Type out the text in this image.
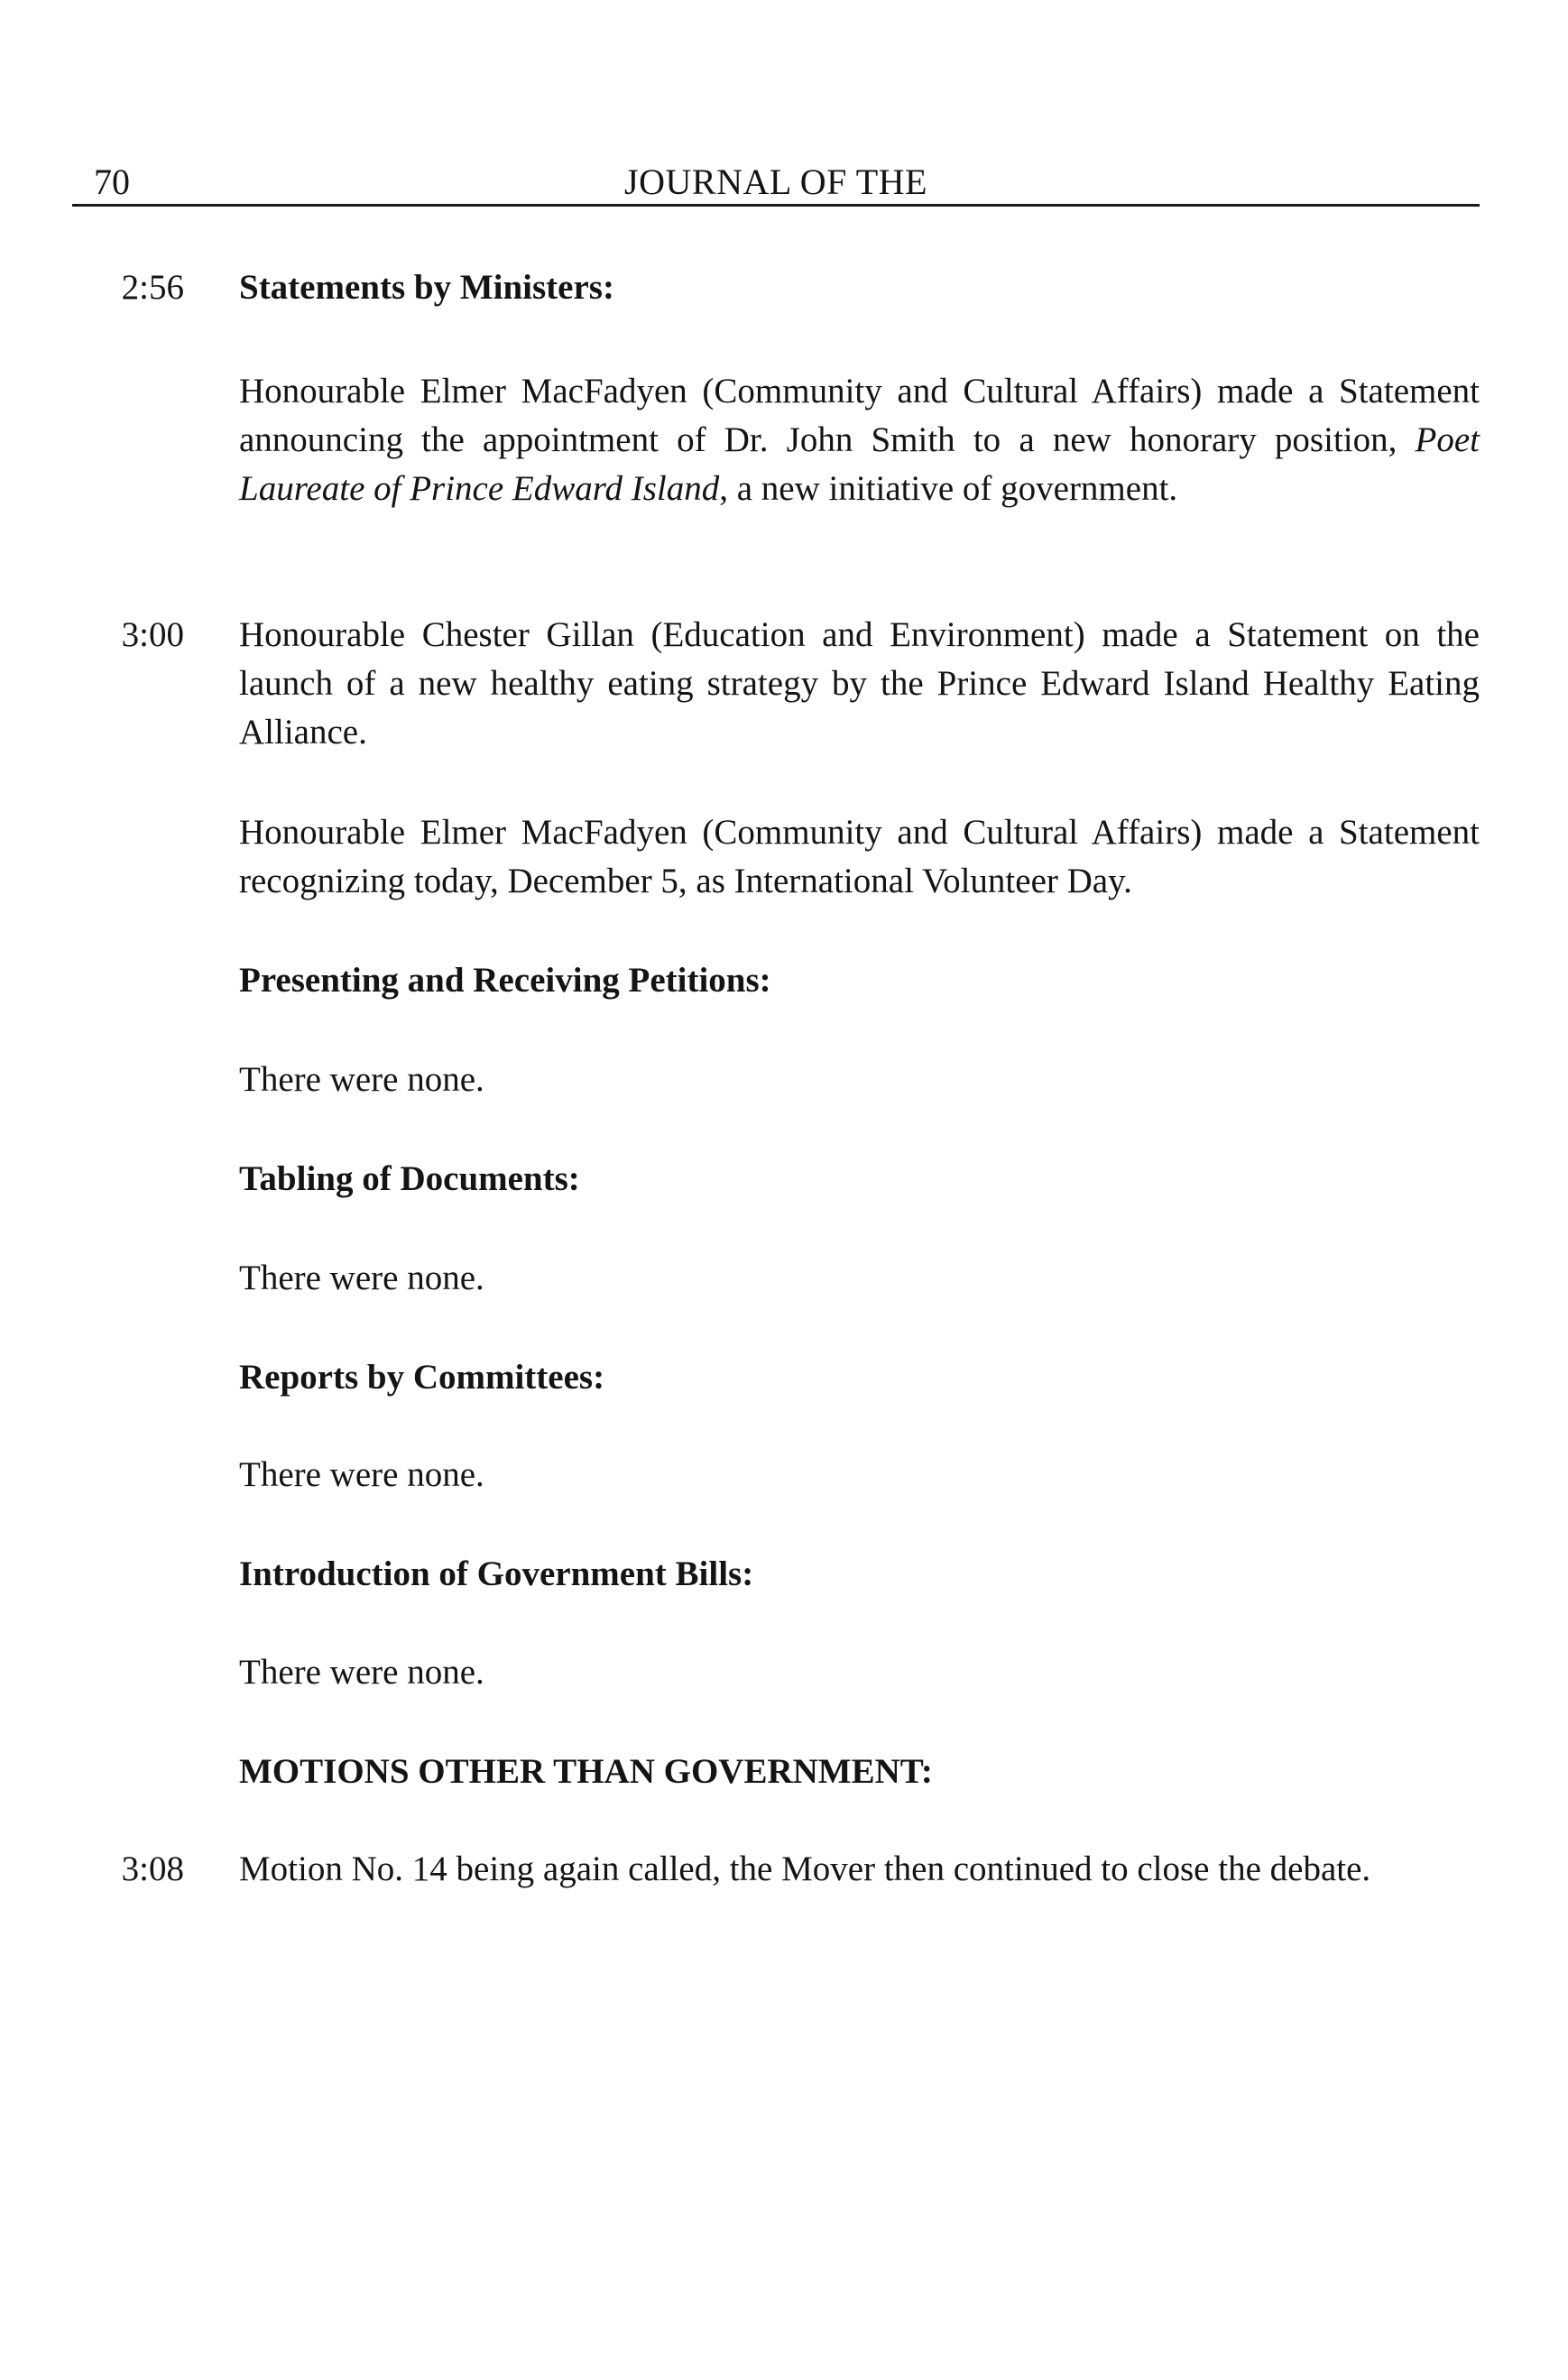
70	JOURNAL OF THE
2:56 Statements by Ministers:
Honourable Elmer MacFadyen (Community and Cultural Affairs) made a Statement announcing the appointment of Dr. John Smith to a new honorary position, Poet Laureate of Prince Edward Island, a new initiative of government.
3:00 Honourable Chester Gillan (Education and Environment) made a Statement on the launch of a new healthy eating strategy by the Prince Edward Island Healthy Eating Alliance.
Honourable Elmer MacFadyen (Community and Cultural Affairs) made a Statement recognizing today, December 5, as International Volunteer Day.
Presenting and Receiving Petitions:
There were none.
Tabling of Documents:
There were none.
Reports by Committees:
There were none.
Introduction of Government Bills:
There were none.
MOTIONS OTHER THAN GOVERNMENT:
3:08 Motion No. 14 being again called, the Mover then continued to close the debate.
